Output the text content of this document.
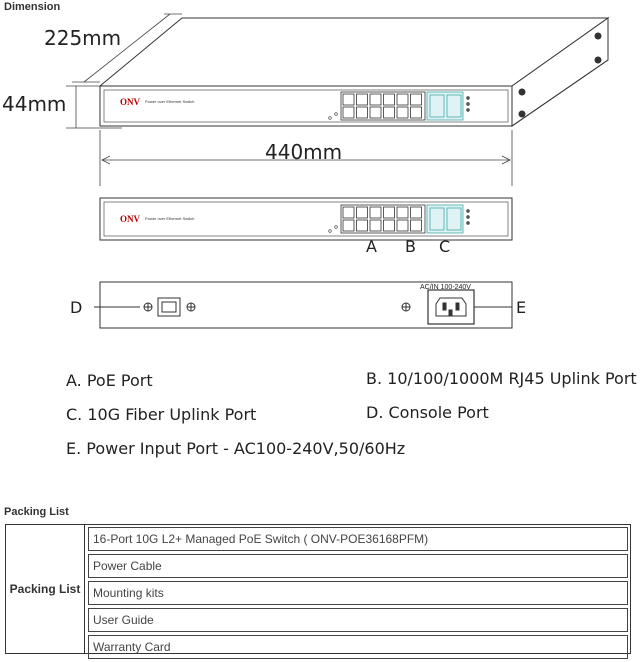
Dimension
ONV Power over Ethernet Switch
225mm
44mm
440mm
ONV Power over Ethernet Switch
A B C
AC/IN 100-240V
D	E
A. PoE Port	B. 10/100/1000M RJ45 Uplink Port
C. 10G Fiber Uplink Port	D. Console Port
E. Power Input Port - AC100-240V,50/60Hz
Packing List
Packing List
16-Port 10G L2+ Managed PoE Switch ( ONV-POE36168PFM)
Power Cable
Mounting kits
User Guide
Warranty Card
